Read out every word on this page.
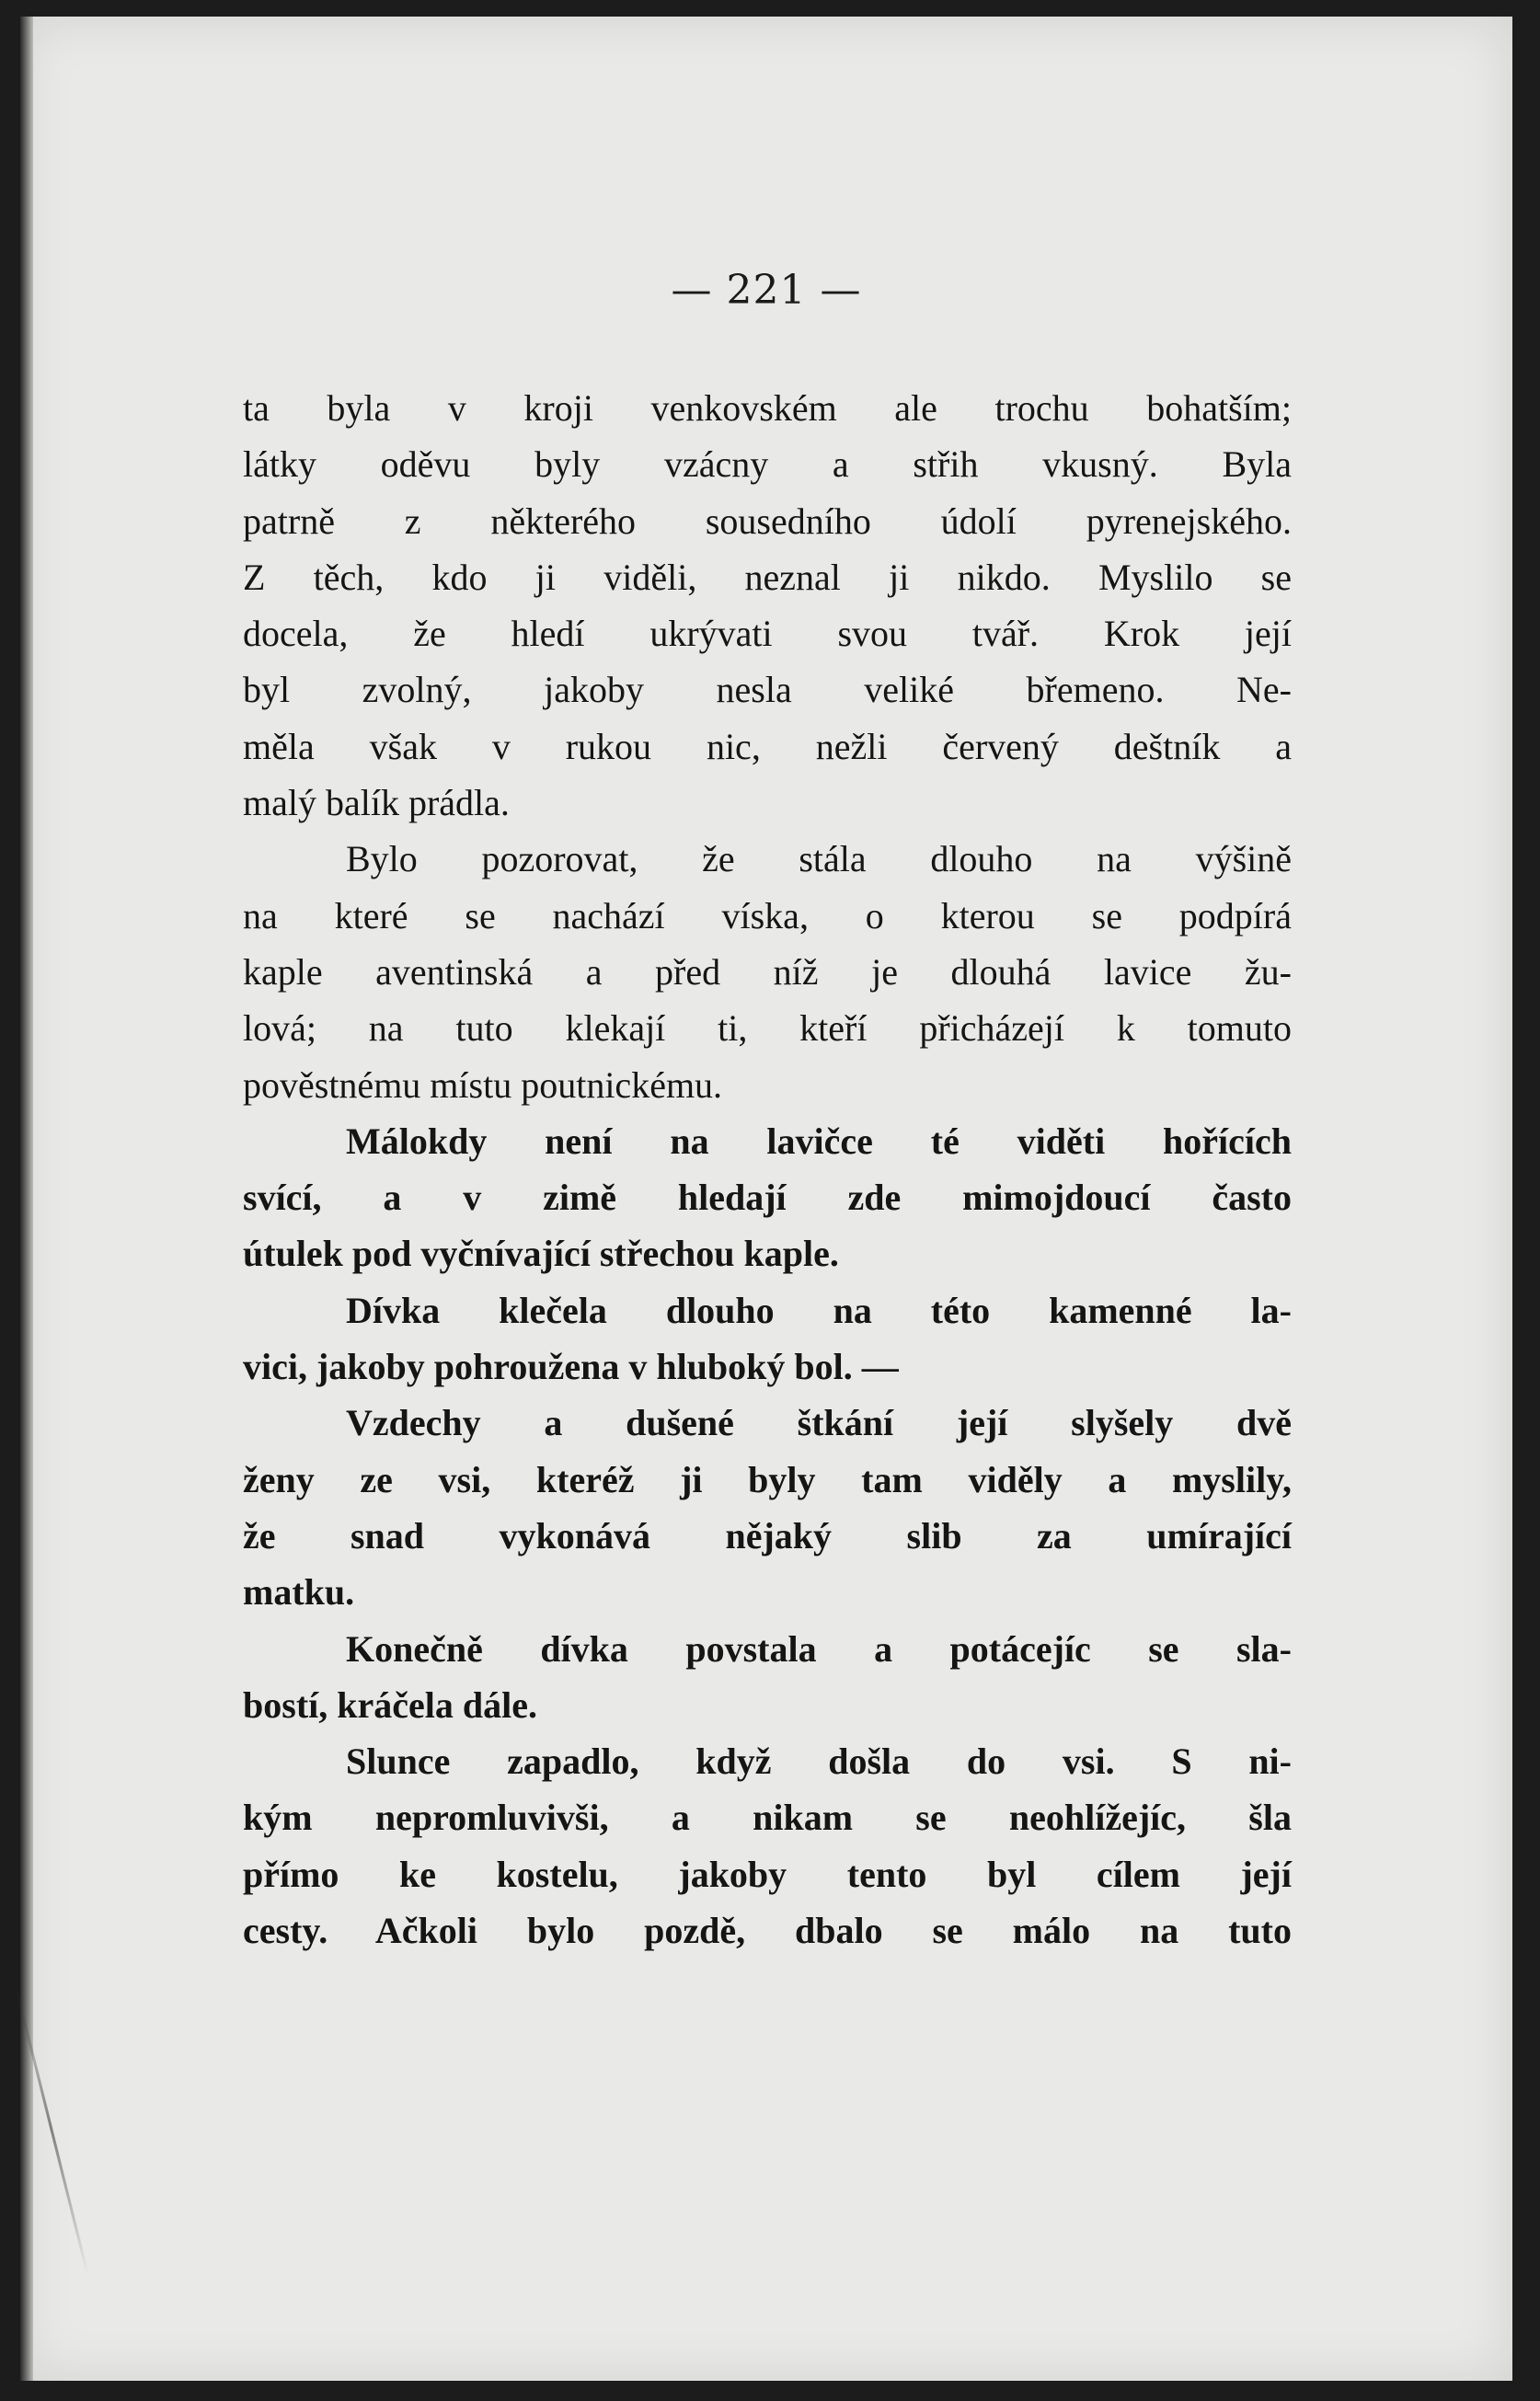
— 221 —
ta byla v kroji venkovském ale trochu bohatším;
látky oděvu byly vzácny a střih vkusný. Byla
patrně z některého sousedního údolí pyrenejského.
Z těch, kdo ji viděli, neznal ji nikdo. Myslilo se
docela, že hledí ukrývati svou tvář. Krok její
byl zvolný, jakoby nesla veliké břemeno. Ne-
měla však v rukou nic, nežli červený deštník a
malý balík prádla.
Bylo pozorovat, že stála dlouho na výšině
na které se nachází víska, o kterou se podpírá
kaple aventinská a před níž je dlouhá lavice žu-
lová; na tuto klekají ti, kteří přicházejí k tomuto
pověstnému místu poutnickému.
Málokdy není na lavičce té viděti hořících
svící, a v zimě hledají zde mimojdoucí často
útulek pod vyčnívající střechou kaple.
Dívka klečela dlouho na této kamenné la-
vici, jakoby pohroužena v hluboký bol. —
Vzdechy a dušené štkání její slyšely dvě
ženy ze vsi, kteréž ji byly tam viděly a myslily,
že snad vykonává nějaký slib za umírající
matku.
Konečně dívka povstala a potácejíc se sla-
bostí, kráčela dále.
Slunce zapadlo, když došla do vsi. S ni-
kým nepromluvivši, a nikam se neohlížejíc, šla
přímo ke kostelu, jakoby tento byl cílem její
cesty. Ačkoli bylo pozdě, dbalo se málo na tuto
